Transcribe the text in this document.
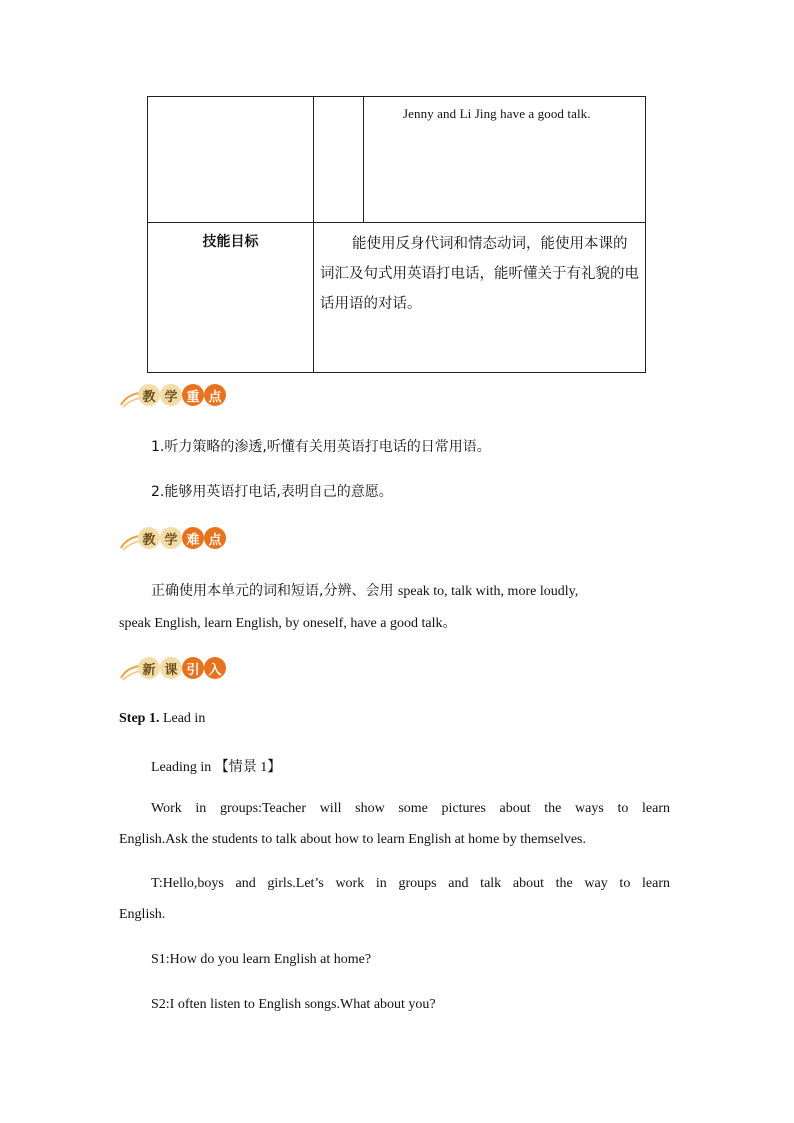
Jenny and Li Jing have a good talk.
技能目标	能使用反身代词和情态动词，能使用本课的词汇及句式用英语打电话，能听懂关于有礼貌的电话用语的对话。
教 学 重 点
1.听力策略的渗透,听懂有关用英语打电话的日常用语。
2.能够用英语打电话,表明自己的意愿。
教 学 难 点
正确使用本单元的词和短语,分辨、会用 speak to, talk with, more loudly,
speak English, learn English, by oneself, have a good talk。
新 课 引 入
Step 1. Lead in
Leading in 【情景 1】
Work in groups:Teacher will show some pictures about the ways to learn
English.Ask the students to talk about how to learn English at home by themselves.
T:Hello,boys and girls.Let’s work in groups and talk about the way to learn
English.
S1:How do you learn English at home?
S2:I often listen to English songs.What about you?
